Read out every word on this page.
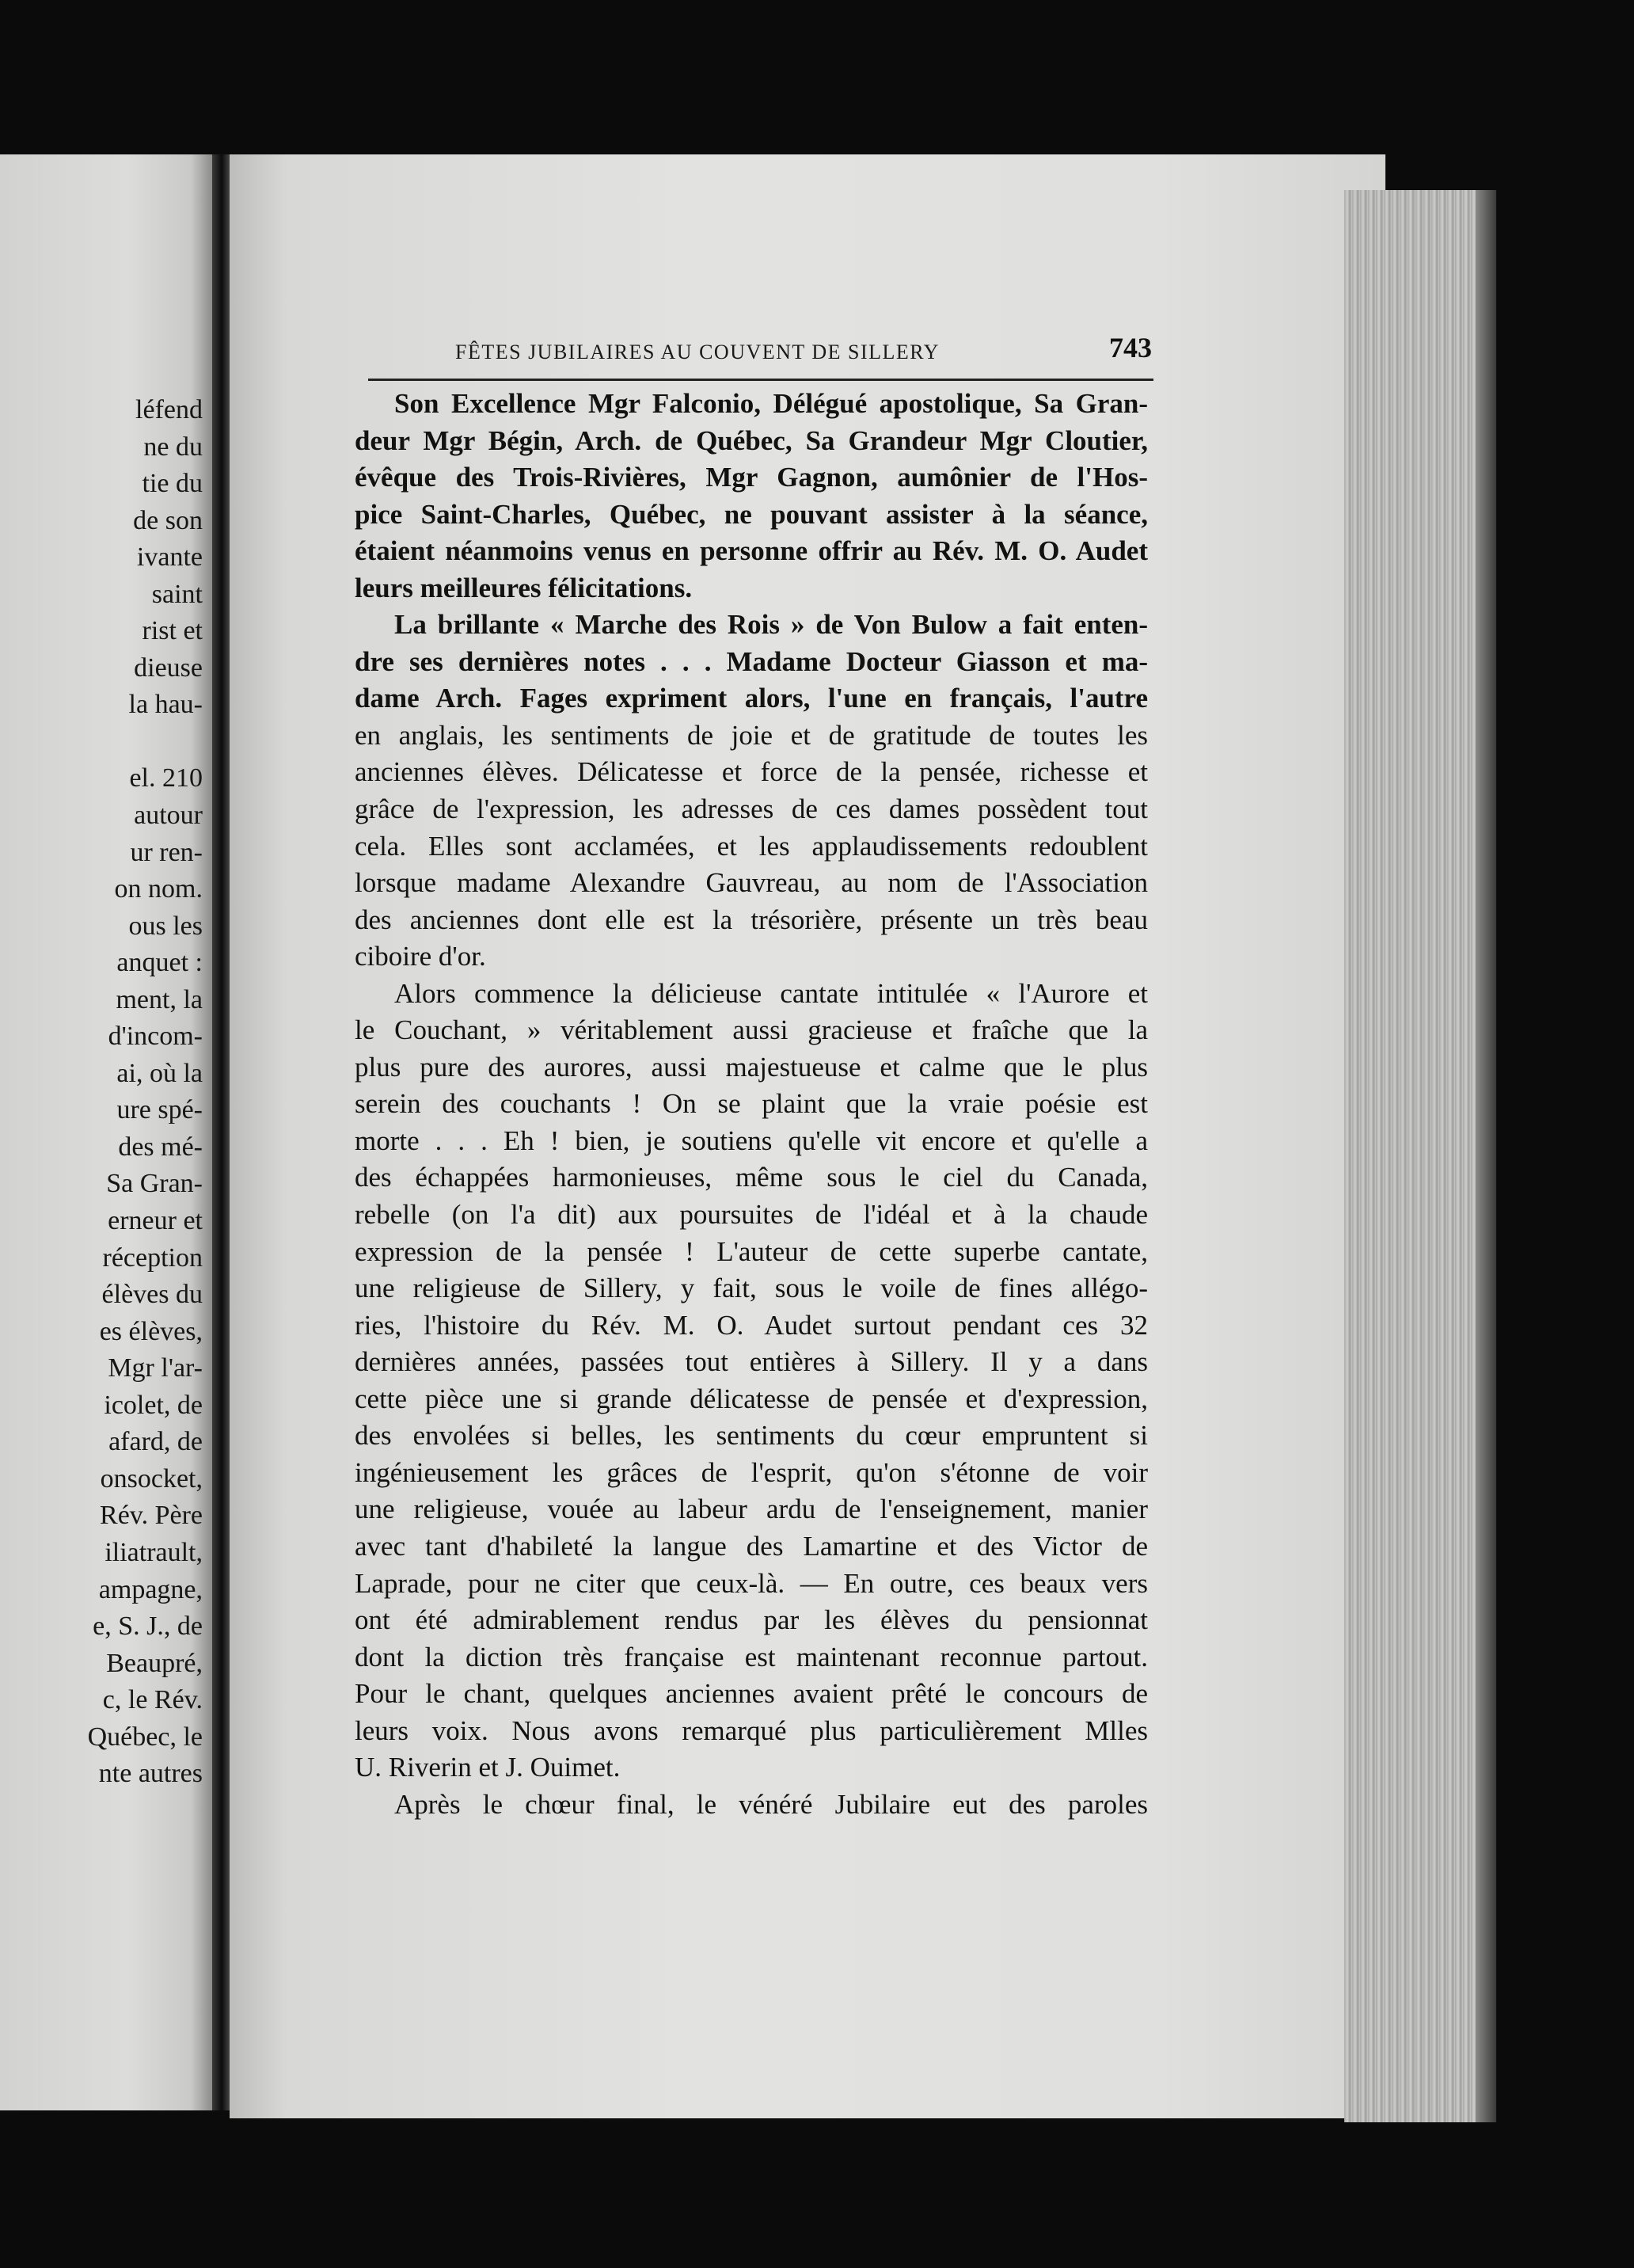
léfend
ne du
tie du
de son
ivante
saint
rist et
dieuse
la hau-
el. 210
autour
ur ren-
on nom.
ous les
anquet :
ment, la
d'incom-
ai, où la
ure spé-
des mé-
Sa Gran-
erneur et
réception
élèves du
es élèves,
Mgr l'ar-
icolet, de
afard, de
onsocket,
Rév. Père
iliatrault,
ampagne,
e, S. J., de
Beaupré,
c, le Rév.
Québec, le
nte autres
FÊTES JUBILAIRES AU COUVENT DE SILLERY	743
Son Excellence Mgr Falconio, Délégué apostolique, Sa Gran-
deur Mgr Bégin, Arch. de Québec, Sa Grandeur Mgr Cloutier,
évêque des Trois-Rivières, Mgr Gagnon, aumônier de l'Hos-
pice Saint-Charles, Québec, ne pouvant assister à la séance,
étaient néanmoins venus en personne offrir au Rév. M. O. Audet
leurs meilleures félicitations.
La brillante « Marche des Rois » de Von Bulow a fait enten-
dre ses dernières notes . . . Madame Docteur Giasson et ma-
dame Arch. Fages expriment alors, l'une en français, l'autre
en anglais, les sentiments de joie et de gratitude de toutes les
anciennes élèves. Délicatesse et force de la pensée, richesse et
grâce de l'expression, les adresses de ces dames possèdent tout
cela. Elles sont acclamées, et les applaudissements redoublent
lorsque madame Alexandre Gauvreau, au nom de l'Association
des anciennes dont elle est la trésorière, présente un très beau
ciboire d'or.
Alors commence la délicieuse cantate intitulée « l'Aurore et
le Couchant, » véritablement aussi gracieuse et fraîche que la
plus pure des aurores, aussi majestueuse et calme que le plus
serein des couchants ! On se plaint que la vraie poésie est
morte . . . Eh ! bien, je soutiens qu'elle vit encore et qu'elle a
des échappées harmonieuses, même sous le ciel du Canada,
rebelle (on l'a dit) aux poursuites de l'idéal et à la chaude
expression de la pensée ! L'auteur de cette superbe cantate,
une religieuse de Sillery, y fait, sous le voile de fines allégo-
ries, l'histoire du Rév. M. O. Audet surtout pendant ces 32
dernières années, passées tout entières à Sillery. Il y a dans
cette pièce une si grande délicatesse de pensée et d'expression,
des envolées si belles, les sentiments du cœur empruntent si
ingénieusement les grâces de l'esprit, qu'on s'étonne de voir
une religieuse, vouée au labeur ardu de l'enseignement, manier
avec tant d'habileté la langue des Lamartine et des Victor de
Laprade, pour ne citer que ceux-là. — En outre, ces beaux vers
ont été admirablement rendus par les élèves du pensionnat
dont la diction très française est maintenant reconnue partout.
Pour le chant, quelques anciennes avaient prêté le concours de
leurs voix. Nous avons remarqué plus particulièrement Mlles
U. Riverin et J. Ouimet.
Après le chœur final, le vénéré Jubilaire eut des paroles
